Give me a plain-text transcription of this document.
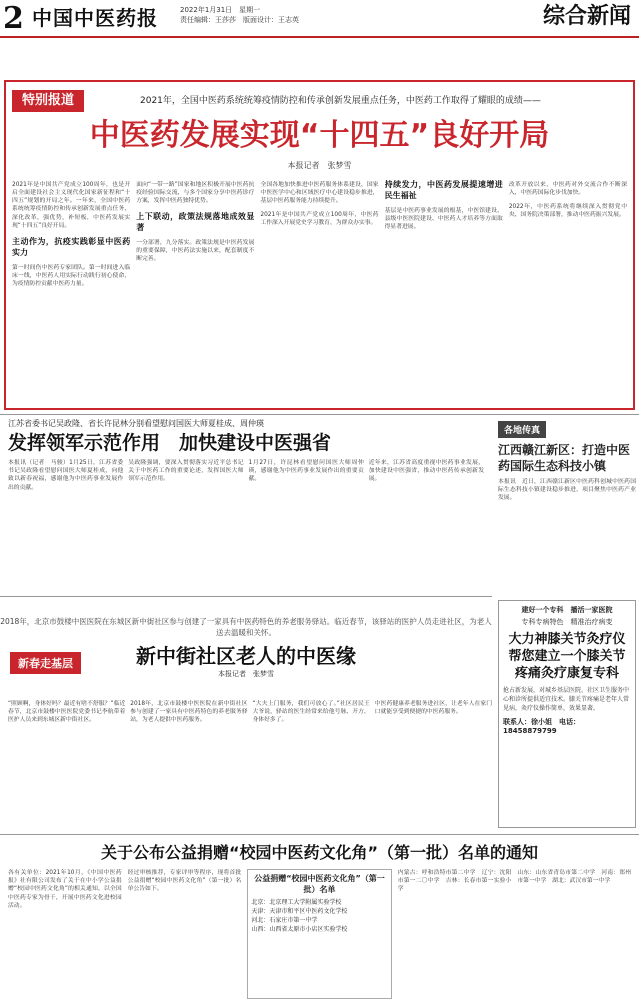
2 中国中医药报	2022年1月31日　星期一
责任编辑：王莎莎　版面设计：王志英	综合新闻
特别报道	2021年，全国中医药系统统筹疫情防控和传承创新发展重点任务，中医药工作取得了耀眼的成绩——
中医药发展实现“十四五”良好开局
本报记者　张梦雪

2021年是中国共产党成立100周年，也是开启全面建设社会主义现代化国家新征程和“十四五”规划的开局之年。一年来，全国中医药系统统筹疫情防控和传承创新发展重点任务，深化改革，强优势，补短板，中医药发展实现“十四五”良好开局。

主动作为，抗疫实践彰显中医药实力

第一时间伤中医药专家团队。第一时间进入临床一线，中医药人用实际行动践行初心使命，为疫情防控贡献中医药力量。

面向“一带一路”国家和地区积极开展中医药抗疫经验国际交流，与多个国家分享中医药诊疗方案，发挥中医药独特优势。

上下联动，政策法规落地成效显著

一分部署，九分落实。政策法规是中医药发展的重要保障，中医药法实施以来，配套制度不断完善。

全国各地加快推进中医药服务体系建设，国家中医医学中心和区域医疗中心建设稳步推进，基层中医药服务能力持续提升。

2021年是中国共产党成立100周年，中医药工作深入开展党史学习教育，为群众办实事。

持续发力，中医药发展提速增进民生福祉

基层是中医药事业发展的根基，中医馆建设、县级中医医院建设、中医药人才培养等方面取得显著进展。

改革开放以来，中医药对外交流合作不断深入，中医药国际化步伐加快。

2022年，中医药系统将继续深入贯彻党中央、国务院决策部署，推动中医药振兴发展。

江苏省委书记吴政隆、省长许昆林分别看望慰问国医大师夏桂成、周仲瑛
发挥领军示范作用　加快建设中医强省
本报讯（记者　马骏）1月25日，江苏省委书记吴政隆看望慰问国医大师夏桂成，向他致以新春祝福，感谢他为中医药事业发展作出的贡献。
吴政隆强调，要深入贯彻落实习近平总书记关于中医药工作的重要论述，发挥国医大师领军示范作用。
1月27日，许昆林看望慰问国医大师周仲瑛，感谢他为中医药事业发展作出的重要贡献。
近年来，江苏省高度重视中医药事业发展，加快建设中医强省，推动中医药传承创新发展。
各地传真
江西赣江新区：打造中医药国际生态科技小镇
本报讯　近日，江西赣江新区中医药科创城中医药国际生态科技小镇建设稳步推进，项目聚焦中医药产业发展。
2018年，北京市鼓楼中医医院在东城区新中街社区参与创建了一家具有中医药特色的养老服务驿站。临近春节，该驿站的医护人员走进社区，为老人送去温暖和关怀。
新中街社区老人的中医缘
本报记者　张梦雪
“照顾啊，身体好吗？最近有啥不舒服？”临近春节，北京市鼓楼中医医院党委书记李航带着医护人员来到东城区新中街社区。
2018年，北京市鼓楼中医医院在新中街社区参与创建了一家具有中医药特色的养老服务驿站，为老人提供中医药服务。
“大夫上门服务，我们可放心了。”社区居民王大爷说，驿站的医生经常来给他号脉、开方，身体好多了。
中医药健康养老服务进社区，让老年人在家门口就能享受到便捷的中医药服务。
新春走基层
建好一个专科　播活一家医院
专科专病特色　精准治疗病变
大力神膝关节灸疗仪帮您建立一个膝关节疼痛灸疗康复专科
抢占新发展，对城乡基层医院、社区卫生服务中心和诊所提供适宜技术。膝关节疼痛是老年人常见病，灸疗仪操作简单，效果显著。
联系人：徐小姐　电话：18458879799
关于公布公益捐赠“校园中医药文化角”（第一批）名单的通知
各有关单位：2021年10月，《中国中医药报》社有限公司发布了关于在中小学公益捐赠“校园中医药文化角”的相关通知，以全国中医药专家为骨干，开展中医药文化进校园活动。
经过审核推荐，专家评审等程序，现将首批公益捐赠“校园中医药文化角”（第一批）名单公告如下。
公益捐赠“校园中医药文化角”（第一批）名单

北京：北京理工大学附属实验学校

天津：天津市和平区中医药文化学校

河北：石家庄市第一中学

山西：山西省太原市小店区实验学校

内蒙古：呼和浩特市第二中学　辽宁：沈阳市第一二〇中学　吉林：长春市第一实验小学
山东：山东省青岛市第二中学　河南：郑州市第一中学　湖北：武汉市第一中学
